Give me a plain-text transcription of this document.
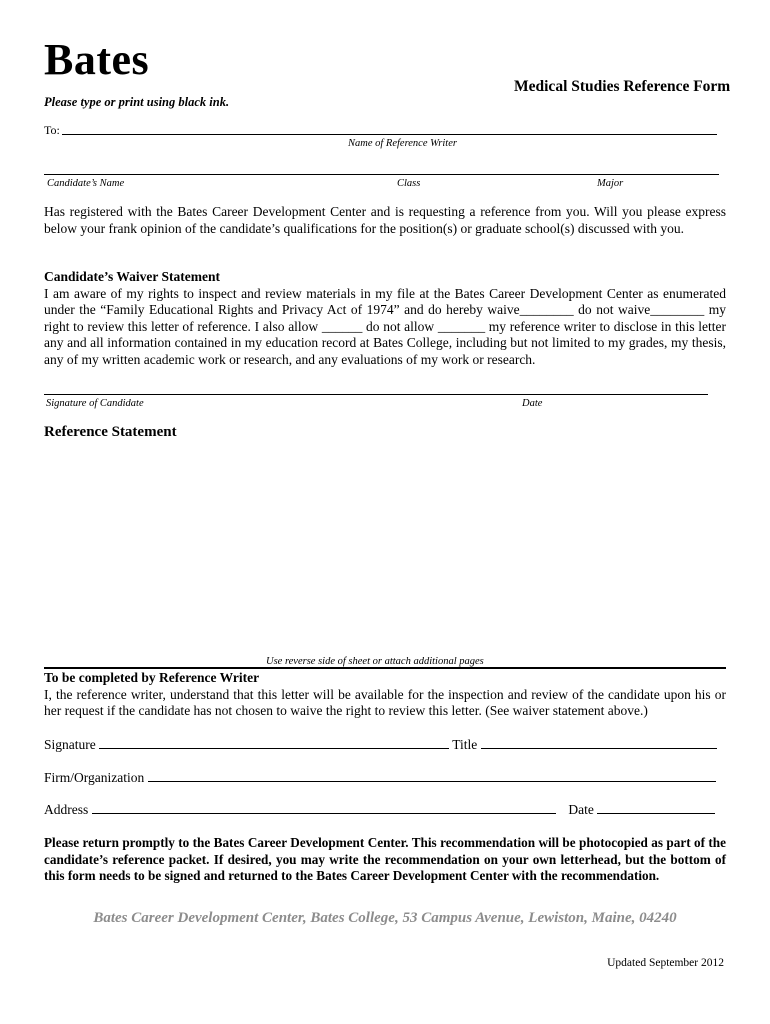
Bates
Medical Studies Reference Form
Please type or print using black ink.
To:
Name of Reference Writer
Candidate’s Name	Class	Major

Has registered with the Bates Career Development Center and is requesting a reference from you. Will you please express below your frank opinion of the candidate’s qualifications for the position(s) or graduate school(s) discussed with you.

Candidate’s Waiver Statement

I am aware of my rights to inspect and review materials in my file at the Bates Career Development Center as enumerated under the “Family Educational Rights and Privacy Act of 1974” and do hereby waive________ do not waive________ my right to review this letter of reference. I also allow ______ do not allow _______ my reference writer to disclose in this letter any and all information contained in my education record at Bates College, including but not limited to my grades, my thesis, any of my written academic work or research, and any evaluations of my work or research.

Signature of Candidate	Date
Reference Statement
Use reverse side of sheet or attach additional pages
To be completed by Reference Writer

I, the reference writer, understand that this letter will be available for the inspection and review of the candidate upon his or her request if the candidate has not chosen to waive the right to review this letter. (See waiver statement above.)

Signature	Title
Firm/Organization
Address	Date
Please return promptly to the Bates Career Development Center. This recommendation will be photocopied as part of the candidate’s reference packet. If desired, you may write the recommendation on your own letterhead, but the bottom of this form needs to be signed and returned to the Bates Career Development Center with the recommendation.
Bates Career Development Center, Bates College, 53 Campus Avenue, Lewiston, Maine, 04240
Updated September 2012
